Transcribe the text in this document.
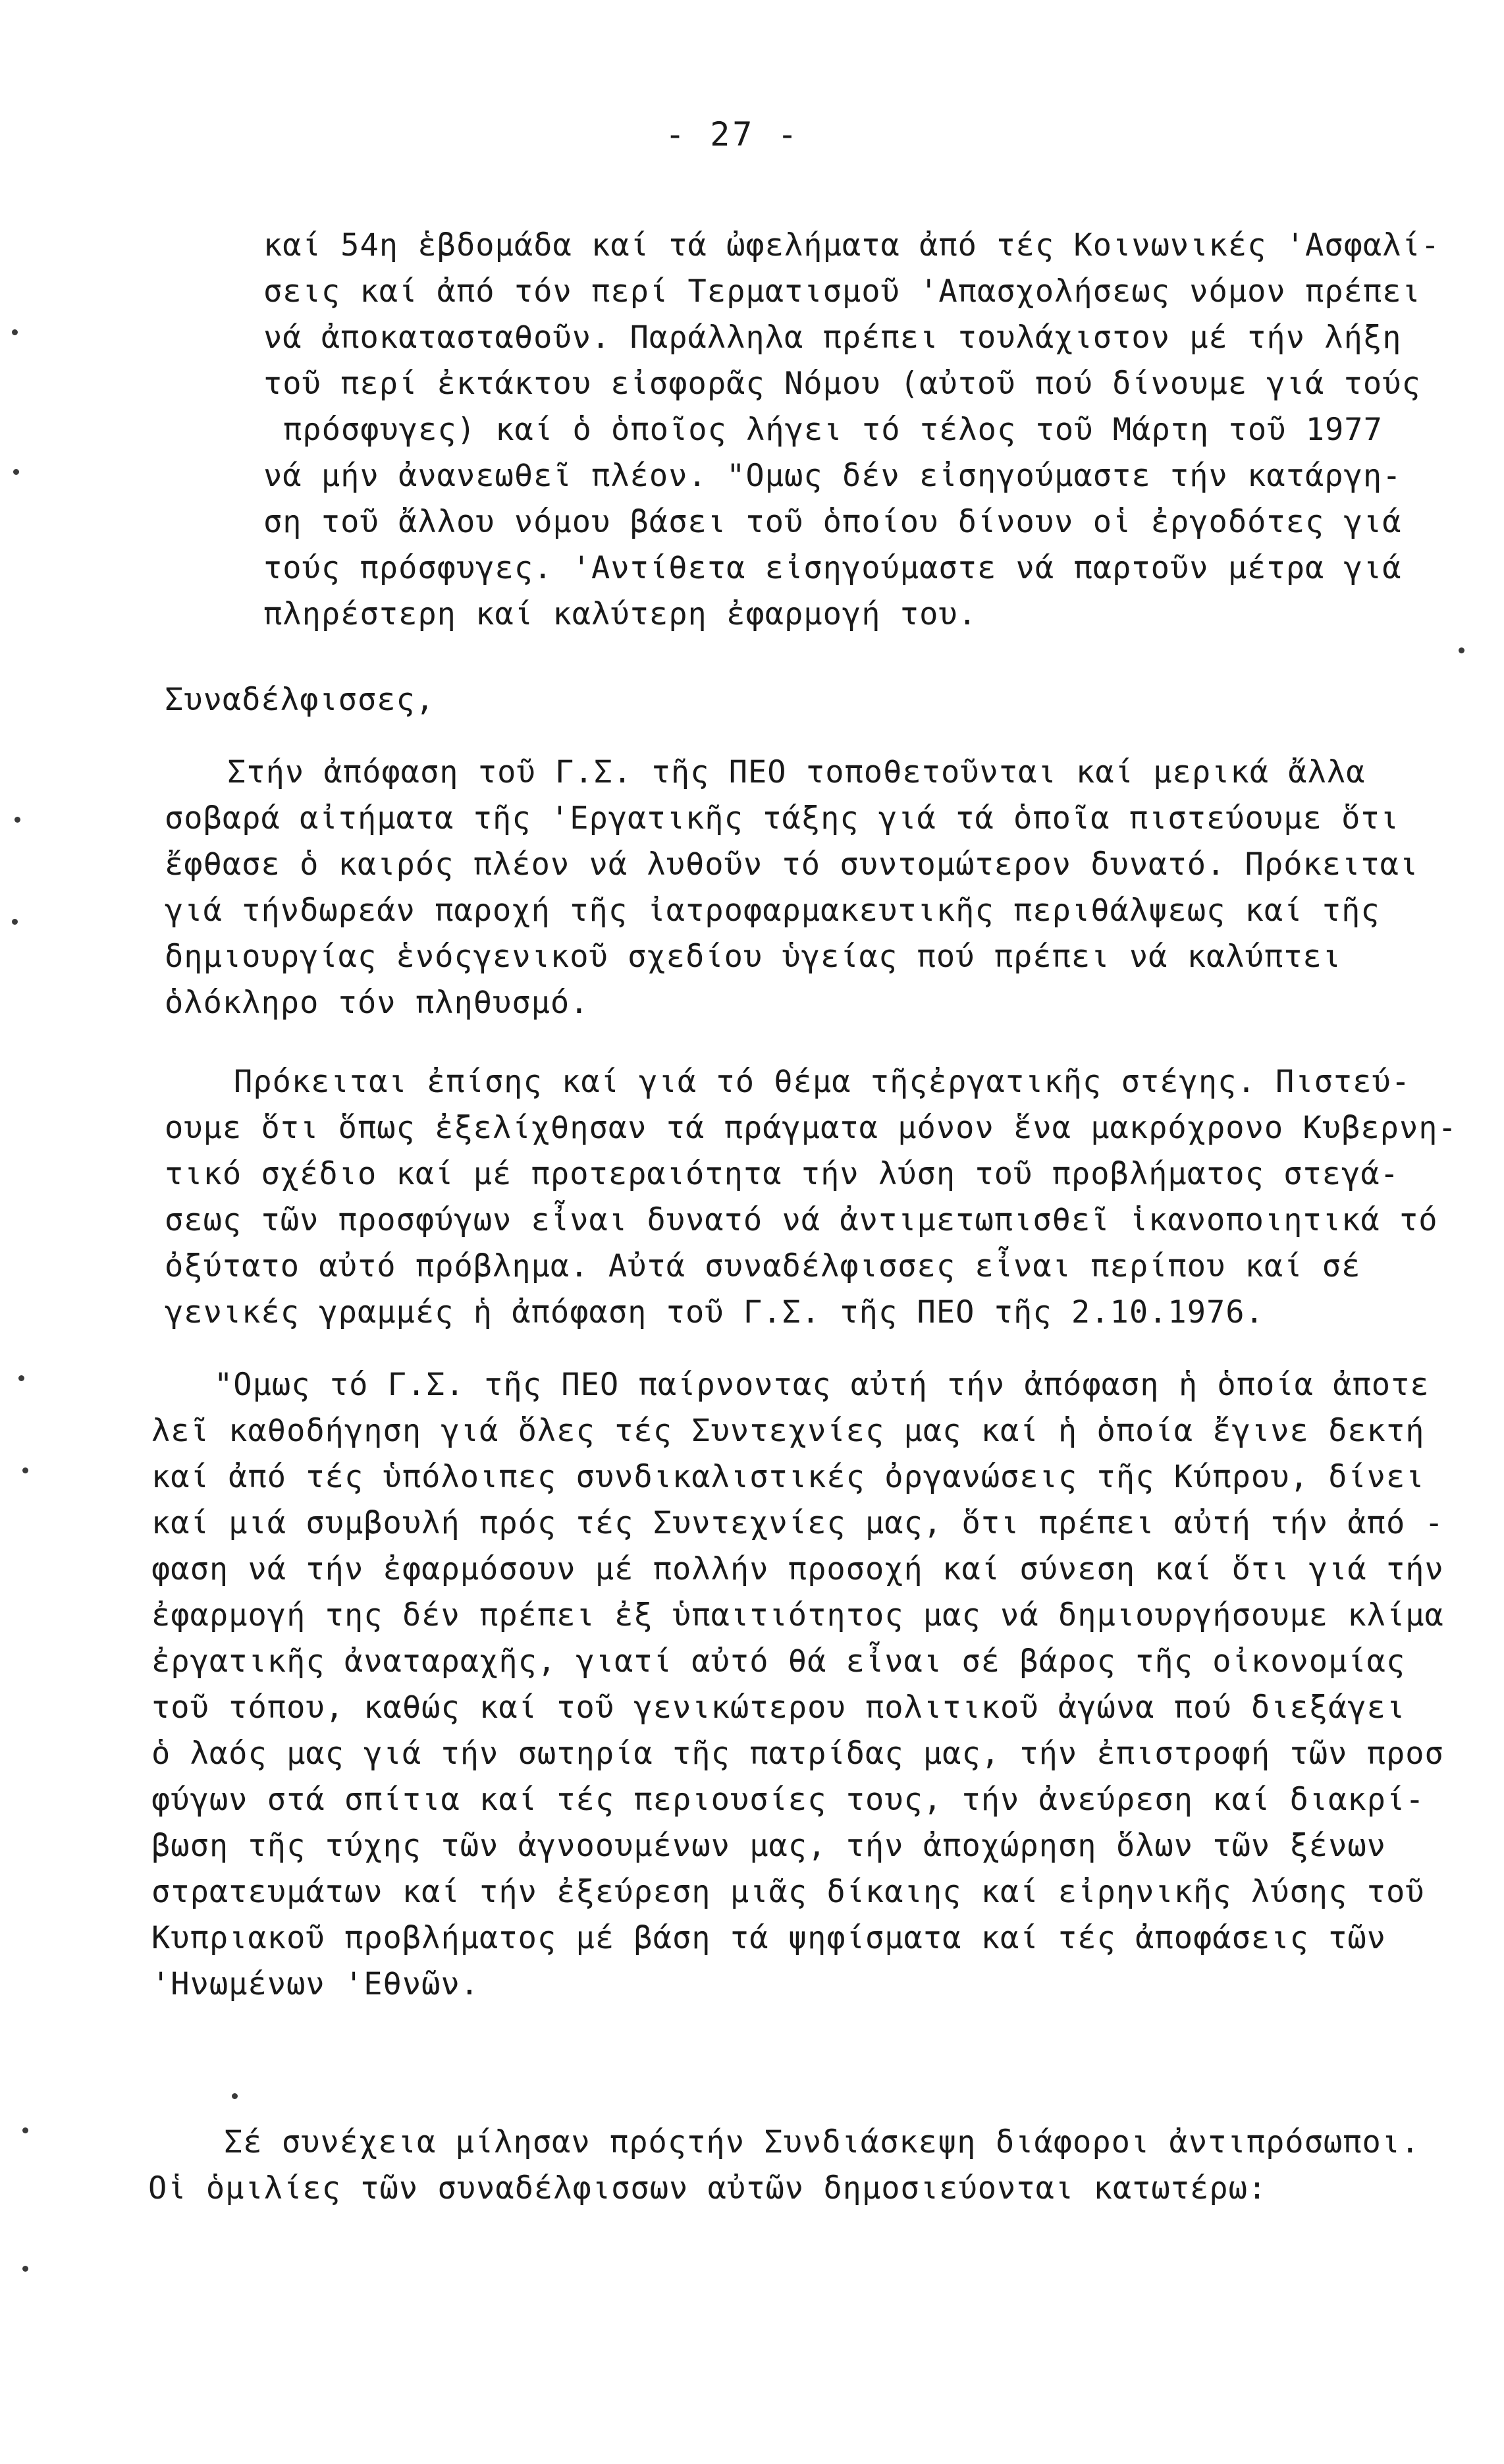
- 27 -
καί 54η ἑβδομάδα καί τά ὠφελήματα ἀπό τές Κοινωνικές 'Ασφαλί-
σεις καί ἀπό τόν περί Τερματισμοῦ 'Απασχολήσεως νόμον πρέπει
νά ἀποκατασταθοῦν. Παράλληλα πρέπει τουλάχιστον μέ τήν λήξη
τοῦ περί ἐκτάκτου εἰσφορᾶς Νόμου (αὐτοῦ πού δίνουμε γιά τούς
πρόσφυγες) καί ὁ ὁποῖος λήγει τό τέλος τοῦ Μάρτη τοῦ 1977
νά μήν ἀνανεωθεῖ πλέον. "Ομως δέν εἰσηγούμαστε τήν κατάργη-
ση τοῦ ἄλλου νόμου βάσει τοῦ ὁποίου δίνουν οἱ ἐργοδότες γιά
τούς πρόσφυγες. 'Αντίθετα εἰσηγούμαστε νά παρτοῦν μέτρα γιά
πληρέστερη καί καλύτερη ἐφαρμογή του.
Συναδέλφισσες,
Στήν ἀπόφαση τοῦ Γ.Σ. τῆς ΠΕΟ τοποθετοῦνται καί μερικά ἄλλα
σοβαρά αἰτήματα τῆς 'Εργατικῆς τάξης γιά τά ὁποῖα πιστεύουμε ὅτι
ἔφθασε ὁ καιρός πλέον νά λυθοῦν τό συντομώτερον δυνατό. Πρόκειται
γιά τήνδωρεάν παροχή τῆς ἰατροφαρμακευτικῆς περιθάλψεως καί τῆς
δημιουργίας ἑνόςγενικοῦ σχεδίου ὑγείας πού πρέπει νά καλύπτει
ὁλόκληρο τόν πληθυσμό.
Πρόκειται ἐπίσης καί γιά τό θέμα τῆςἐργατικῆς στέγης. Πιστεύ-
ουμε ὅτι ὅπως ἐξελίχθησαν τά πράγματα μόνον ἕνα μακρόχρονο Κυβερνη-
τικό σχέδιο καί μέ προτεραιότητα τήν λύση τοῦ προβλήματος στεγά-
σεως τῶν προσφύγων εἶναι δυνατό νά ἀντιμετωπισθεῖ ἱκανοποιητικά τό
ὀξύτατο αὐτό πρόβλημα. Αὐτά συναδέλφισσες εἶναι περίπου καί σέ
γενικές γραμμές ἡ ἀπόφαση τοῦ Γ.Σ. τῆς ΠΕΟ τῆς 2.10.1976.
"Ομως τό Γ.Σ. τῆς ΠΕΟ παίρνοντας αὐτή τήν ἀπόφαση ἡ ὁποία ἀποτε
λεῖ καθοδήγηση γιά ὅλες τές Συντεχνίες μας καί ἡ ὁποία ἔγινε δεκτή
καί ἀπό τές ὑπόλοιπες συνδικαλιστικές ὀργανώσεις τῆς Κύπρου, δίνει
καί μιά συμβουλή πρός τές Συντεχνίες μας, ὅτι πρέπει αὐτή τήν ἀπό -
φαση νά τήν ἐφαρμόσουν μέ πολλήν προσοχή καί σύνεση καί ὅτι γιά τήν
ἐφαρμογή της δέν πρέπει ἐξ ὑπαιτιότητος μας νά δημιουργήσουμε κλίμα
ἐργατικῆς ἀναταραχῆς, γιατί αὐτό θά εἶναι σέ βάρος τῆς οἰκονομίας
τοῦ τόπου, καθώς καί τοῦ γενικώτερου πολιτικοῦ ἀγώνα πού διεξάγει
ὁ λαός μας γιά τήν σωτηρία τῆς πατρίδας μας, τήν ἐπιστροφή τῶν προσ
φύγων στά σπίτια καί τές περιουσίες τους, τήν ἀνεύρεση καί διακρί-
βωση τῆς τύχης τῶν ἀγνοουμένων μας, τήν ἀποχώρηση ὅλων τῶν ξένων
στρατευμάτων καί τήν ἐξεύρεση μιᾶς δίκαιης καί εἰρηνικῆς λύσης τοῦ
Κυπριακοῦ προβλήματος μέ βάση τά ψηφίσματα καί τές ἀποφάσεις τῶν
'Ηνωμένων 'Εθνῶν.
Σέ συνέχεια μίλησαν πρόςτήν Συνδιάσκεψη διάφοροι ἀντιπρόσωποι.
Οἱ ὁμιλίες τῶν συναδέλφισσων αὐτῶν δημοσιεύονται κατωτέρω:
